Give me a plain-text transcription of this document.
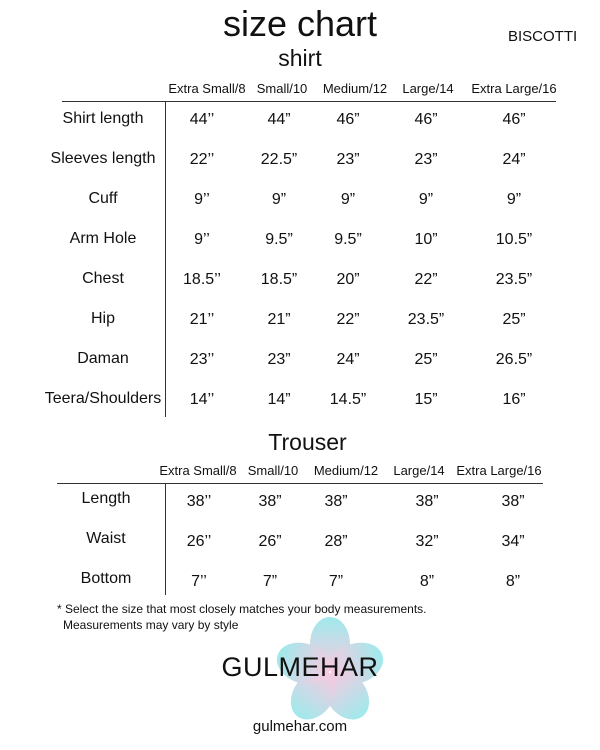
size chart
shirt
BISCOTTI
Extra Small/8 Small/10 Medium/12 Large/14 Extra Large/16
Shirt length	44’’	44”	46”	46”	46”
Sleeves length 22’’	22.5” 23”	23”	24”
Cuff	9’’	9”	9”	9”	9”
Arm Hole	9’’	9.5”	9.5”	10”	10.5”
Chest	18.5’’ 18.5” 20”	22”	23.5”
Hip	21’’	21”	22”	23.5”	25”
Daman	23’’	23”	24”	25”	26.5”
Teera/Shoulders 14’’	14” 14.5”	15”	16”
Trouser
Extra Small/8 Small/10 Medium/12 Large/14 Extra Large/16
Length	38’’	38”	38”	38”	38”
Waist	26’’	26”	28”	32”	34”
Bottom	7’’	7”	7”	8”	8”
* Select the size that most closely matches your body measurements.
Measurements may vary by style
GULMEHAR
gulmehar.com
